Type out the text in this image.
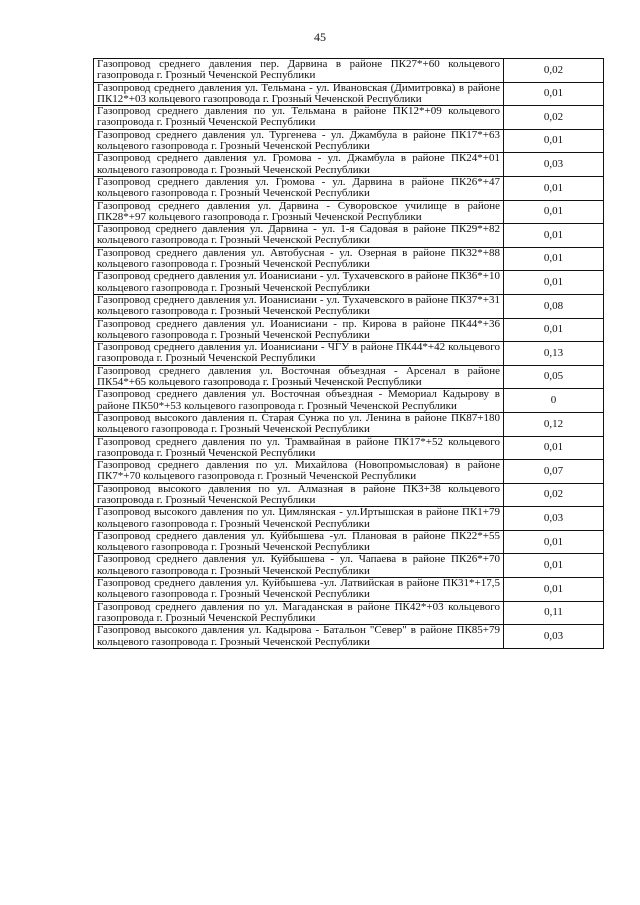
45
Газопровод среднего давления пер. Дарвина в районе ПК27*+60 кольцевого газопровода г. Грозный Чеченской Республики	0,02
Газопровод среднего давления ул. Тельмана - ул. Ивановская (Димитровка) в районе ПК12*+03 кольцевого газопровода г. Грозный Чеченской Республики	0,01
Газопровод среднего давления по ул. Тельмана в районе ПК12*+09 кольцевого газопровода г. Грозный Чеченской Республики	0,02
Газопровод среднего давления ул. Тургенева - ул. Джамбула в районе ПК17*+63 кольцевого газопровода г. Грозный Чеченской Республики	0,01
Газопровод среднего давления ул. Громова - ул. Джамбула в районе ПК24*+01 кольцевого газопровода г. Грозный Чеченской Республики	0,03
Газопровод среднего давления ул. Громова - ул. Дарвина в районе ПК26*+47 кольцевого газопровода г. Грозный Чеченской Республики	0,01
Газопровод среднего давления ул. Дарвина - Суворовское училище в районе ПК28*+97 кольцевого газопровода г. Грозный Чеченской Республики	0,01
Газопровод среднего давления ул. Дарвина - ул. 1-я Садовая в районе ПК29*+82 кольцевого газопровода г. Грозный Чеченской Республики	0,01
Газопровод среднего давления ул. Автобусная - ул. Озерная в районе ПК32*+88 кольцевого газопровода г. Грозный Чеченской Республики	0,01
Газопровод среднего давления ул. Иоанисиани - ул. Тухачевского в районе ПК36*+10 кольцевого газопровода г. Грозный Чеченской Республики	0,01
Газопровод среднего давления ул. Иоанисиани - ул. Тухачевского в районе ПК37*+31 кольцевого газопровода г. Грозный Чеченской Республики	0,08
Газопровод среднего давления ул. Иоанисиани - пр. Кирова в районе ПК44*+36 кольцевого газопровода г. Грозный Чеченской Республики	0,01
Газопровод среднего давления ул. Иоанисиани - ЧГУ в районе ПК44*+42 кольцевого газопровода г. Грозный Чеченской Республики	0,13
Газопровод среднего давления ул. Восточная объездная - Арсенал в районе ПК54*+65 кольцевого газопровода г. Грозный Чеченской Республики	0,05
Газопровод среднего давления ул. Восточная объездная - Мемориал Кадырову в районе ПК50*+53 кольцевого газопровода г. Грозный Чеченской Республики	0
Газопровод высокого давления п. Старая Сунжа по ул. Ленина в районе ПК87+180 кольцевого газопровода г. Грозный Чеченской Республики	0,12
Газопровод среднего давления по ул. Трамвайная в районе ПК17*+52 кольцевого газопровода г. Грозный Чеченской Республики	0,01
Газопровод среднего давления по ул. Михайлова (Новопромысловая) в районе ПК7*+70 кольцевого газопровода г. Грозный Чеченской Республики	0,07
Газопровод высокого давления по ул. Алмазная в районе ПК3+38 кольцевого газопровода г. Грозный Чеченской Республики	0,02
Газопровод высокого давления по ул. Цимлянская - ул.Иртышская в районе ПК1+79 кольцевого газопровода г. Грозный Чеченской Республики	0,03
Газопровод среднего давления ул. Куйбышева -ул. Плановая в районе ПК22*+55 кольцевого газопровода г. Грозный Чеченской Республики	0,01
Газопровод среднего давления ул. Куйбышева - ул. Чапаева в районе ПК26*+70 кольцевого газопровода г. Грозный Чеченской Республики	0,01
Газопровод среднего давления ул. Куйбышева -ул. Латвийская в районе ПК31*+17,5 кольцевого газопровода г. Грозный Чеченской Республики	0,01
Газопровод среднего давления по ул. Магаданская в районе ПК42*+03 кольцевого газопровода г. Грозный Чеченской Республики	0,11
Газопровод высокого давления ул. Кадырова - Батальон "Север" в районе ПК85+79 кольцевого газопровода г. Грозный Чеченской Республики	0,03
